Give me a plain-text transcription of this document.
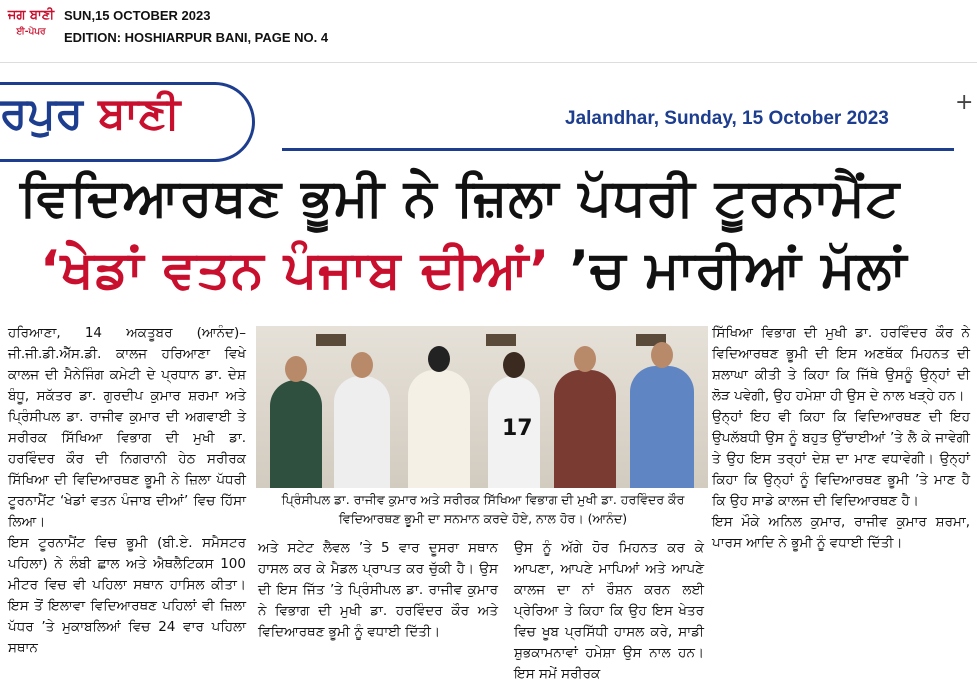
ਜਗ ਬਾਣੀ
ਈ-ਪੇਪਰ
SUN,15 OCTOBER 2023
EDITION: HOSHIARPUR BANI, PAGE NO. 4
ਰਪੁਰ ਬਾਣੀ	Jalandhar, Sunday, 15 October 2023
+
ਵਿਦਿਆਰਥਣ ਭੂਮੀ ਨੇ ਜ਼ਿਲਾ ਪੱਧਰੀ ਟੂਰਨਾਮੈਂਟ
‘ਖੇਡਾਂ ਵਤਨ ਪੰਜਾਬ ਦੀਆਂ’ ’ਚ ਮਾਰੀਆਂ ਮੱਲਾਂ

ਹਰਿਆਣਾ, 14 ਅਕਤੂਬਰ (ਆਨੰਦ)– ਜੀ.ਜੀ.ਡੀ.ਐੱਸ.ਡੀ. ਕਾਲਜ ਹਰਿਆਣਾ ਵਿਖੇ ਕਾਲਜ ਦੀ ਮੈਨੇਜਿੰਗ ਕਮੇਟੀ ਦੇ ਪ੍ਰਧਾਨ ਡਾ. ਦੇਸ਼ ਬੰਧੂ, ਸਕੱਤਰ ਡਾ. ਗੁਰਦੀਪ ਕੁਮਾਰ ਸ਼ਰਮਾ ਅਤੇ ਪ੍ਰਿੰਸੀਪਲ ਡਾ. ਰਾਜੀਵ ਕੁਮਾਰ ਦੀ ਅਗਵਾਈ ਤੇ ਸਰੀਰਕ ਸਿੱਖਿਆ ਵਿਭਾਗ ਦੀ ਮੁਖੀ ਡਾ. ਹਰਵਿੰਦਰ ਕੌਰ ਦੀ ਨਿਗਰਾਨੀ ਹੇਠ ਸਰੀਰਕ ਸਿੱਖਿਆ ਦੀ ਵਿਦਿਆਰਥਣ ਭੂਮੀ ਨੇ ਜ਼ਿਲਾ ਪੱਧਰੀ ਟੂਰਨਾਮੈਂਟ ‘ਖੇਡਾਂ ਵਤਨ ਪੰਜਾਬ ਦੀਆਂ’ ਵਿਚ ਹਿੱਸਾ ਲਿਆ।

ਇਸ ਟੂਰਨਾਮੈਂਟ ਵਿਚ ਭੂਮੀ (ਬੀ.ਏ. ਸਮੈਸਟਰ ਪਹਿਲਾ) ਨੇ ਲੰਬੀ ਛਾਲ ਅਤੇ ਐਥਲੈਟਿਕਸ 100 ਮੀਟਰ ਵਿਚ ਵੀ ਪਹਿਲਾ ਸਥਾਨ ਹਾਸਿਲ ਕੀਤਾ। ਇਸ ਤੋਂ ਇਲਾਵਾ ਵਿਦਿਆਰਥਣ ਪਹਿਲਾਂ ਵੀ ਜ਼ਿਲਾ ਪੱਧਰ ’ਤੇ ਮੁਕਾਬਲਿਆਂ ਵਿਚ 24 ਵਾਰ ਪਹਿਲਾ ਸਥਾਨ

17
ਪ੍ਰਿੰਸੀਪਲ ਡਾ. ਰਾਜੀਵ ਕੁਮਾਰ ਅਤੇ ਸਰੀਰਕ ਸਿੱਖਿਆ ਵਿਭਾਗ ਦੀ ਮੁਖੀ ਡਾ. ਹਰਵਿੰਦਰ ਕੌਰ ਵਿਦਿਆਰਥਣ ਭੂਮੀ ਦਾ ਸਨਮਾਨ ਕਰਦੇ ਹੋਏ, ਨਾਲ ਹੋਰ। (ਆਨੰਦ)

ਅਤੇ ਸਟੇਟ ਲੈਵਲ ’ਤੇ 5 ਵਾਰ ਦੂਸਰਾ ਸਥਾਨ ਹਾਸਲ ਕਰ ਕੇ ਮੈਡਲ ਪ੍ਰਾਪਤ ਕਰ ਚੁੱਕੀ ਹੈ। ਉਸ ਦੀ ਇਸ ਜਿੱਤ ’ਤੇ ਪ੍ਰਿੰਸੀਪਲ ਡਾ. ਰਾਜੀਵ ਕੁਮਾਰ ਨੇ ਵਿਭਾਗ ਦੀ ਮੁਖੀ ਡਾ. ਹਰਵਿੰਦਰ ਕੌਰ ਅਤੇ ਵਿਦਿਆਰਥਣ ਭੂਮੀ ਨੂੰ ਵਧਾਈ ਦਿੱਤੀ।

ਉਸ ਨੂੰ ਅੱਗੇ ਹੋਰ ਮਿਹਨਤ ਕਰ ਕੇ ਆਪਣਾ, ਆਪਣੇ ਮਾਪਿਆਂ ਅਤੇ ਆਪਣੇ ਕਾਲਜ ਦਾ ਨਾਂ ਰੌਸ਼ਨ ਕਰਨ ਲਈ ਪ੍ਰੇਰਿਆ ਤੇ ਕਿਹਾ ਕਿ ਉਹ ਇਸ ਖੇਤਰ ਵਿਚ ਖੂਬ ਪ੍ਰਸਿੱਧੀ ਹਾਸਲ ਕਰੇ, ਸਾਡੀ ਸ਼ੁਭਕਾਮਨਾਵਾਂ ਹਮੇਸ਼ਾ ਉਸ ਨਾਲ ਹਨ। ਇਸ ਸਮੇਂ ਸਰੀਰਕ

ਸਿੱਖਿਆ ਵਿਭਾਗ ਦੀ ਮੁਖੀ ਡਾ. ਹਰਵਿੰਦਰ ਕੌਰ ਨੇ ਵਿਦਿਆਰਥਣ ਭੂਮੀ ਦੀ ਇਸ ਅਣਥੱਕ ਮਿਹਨਤ ਦੀ ਸ਼ਲਾਘਾ ਕੀਤੀ ਤੇ ਕਿਹਾ ਕਿ ਜਿੱਥੇ ਉਸਨੂੰ ਉਨ੍ਹਾਂ ਦੀ ਲੋੜ ਪਵੇਗੀ, ਉਹ ਹਮੇਸ਼ਾ ਹੀ ਉਸ ਦੇ ਨਾਲ ਖੜ੍ਹੇ ਹਨ।

ਉਨ੍ਹਾਂ ਇਹ ਵੀ ਕਿਹਾ ਕਿ ਵਿਦਿਆਰਥਣ ਦੀ ਇਹ ਉਪਲੱਬਧੀ ਉਸ ਨੂੰ ਬਹੁਤ ਉੱਚਾਈਆਂ ’ਤੇ ਲੈ ਕੇ ਜਾਵੇਗੀ ਤੇ ਉਹ ਇਸ ਤਰ੍ਹਾਂ ਦੇਸ਼ ਦਾ ਮਾਣ ਵਧਾਵੇਗੀ। ਉਨ੍ਹਾਂ ਕਿਹਾ ਕਿ ਉਨ੍ਹਾਂ ਨੂੰ ਵਿਦਿਆਰਥਣ ਭੂਮੀ ’ਤੇ ਮਾਣ ਹੈ ਕਿ ਉਹ ਸਾਡੇ ਕਾਲਜ ਦੀ ਵਿਦਿਆਰਥਣ ਹੈ।

ਇਸ ਮੌਕੇ ਅਨਿਲ ਕੁਮਾਰ, ਰਾਜੀਵ ਕੁਮਾਰ ਸ਼ਰਮਾ, ਪਾਰਸ ਆਦਿ ਨੇ ਭੂਮੀ ਨੂੰ ਵਧਾਈ ਦਿੱਤੀ।
